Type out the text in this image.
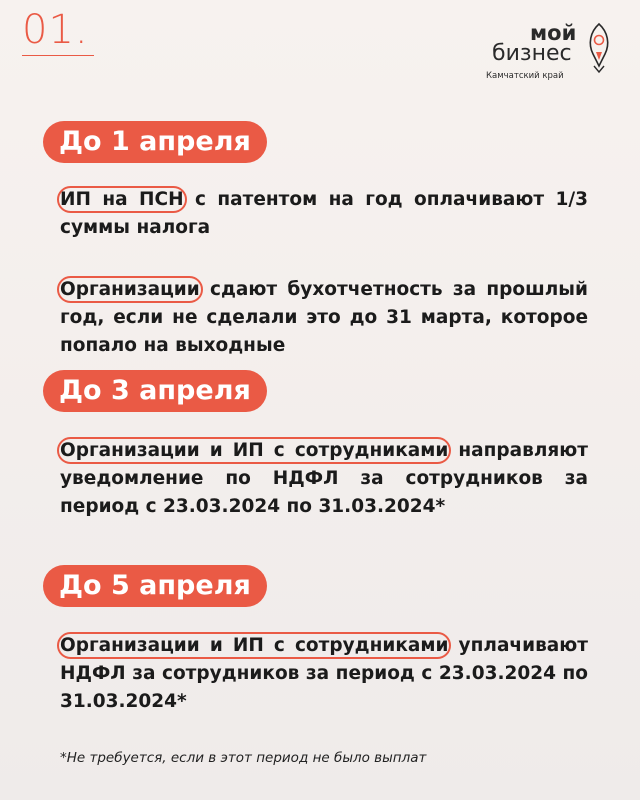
01.	мой
бизнес
Камчатский край
До 1 апреля
ИП на ПСН с патентом на год оплачивают 1/3 суммы налога
Организации сдают бухотчетность за прошлый год, если не сделали это до 31 марта, которое попало на выходные
До 3 апреля
Организации и ИП с сотрудниками направляют уведомление по НДФЛ за сотрудников за период с 23.03.2024 по 31.03.2024*
До 5 апреля
Организации и ИП с сотрудниками уплачивают НДФЛ за сотрудников за период с 23.03.2024 по 31.03.2024*
*Не требуется, если в этот период не было выплат
